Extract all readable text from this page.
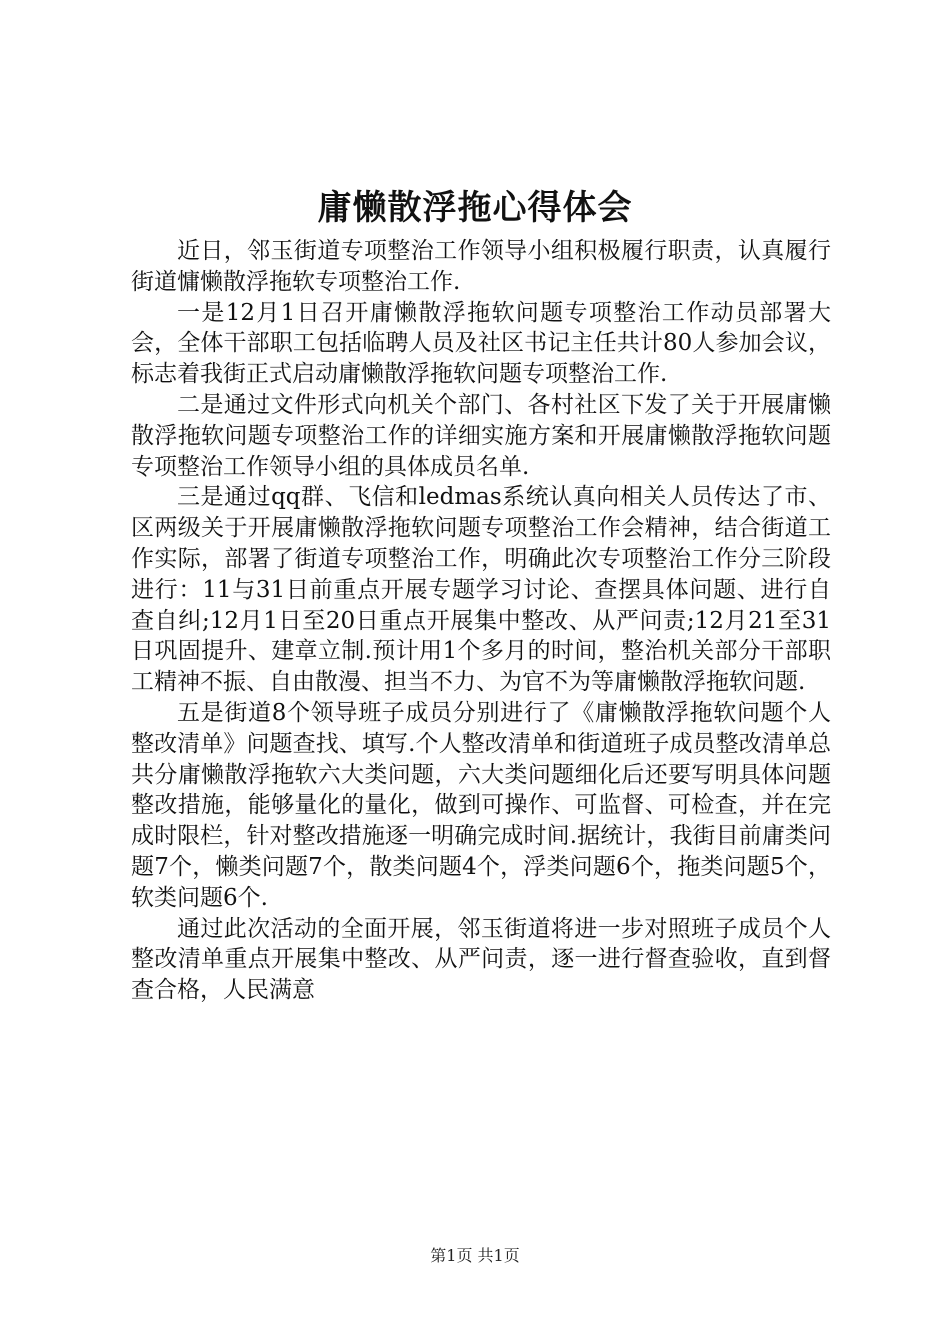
庸懒散浮拖心得体会

近日，邻玉街道专项整治工作领导小组积极履行职责，认真履行街道慵懒散浮拖软专项整治工作.

一是12月1日召开庸懒散浮拖软问题专项整治工作动员部署大会，全体干部职工包括临聘人员及社区书记主任共计80人参加会议，标志着我街正式启动庸懒散浮拖软问题专项整治工作.

二是通过文件形式向机关个部门、各村社区下发了关于开展庸懒散浮拖软问题专项整治工作的详细实施方案和开展庸懒散浮拖软问题专项整治工作领导小组的具体成员名单.

三是通过qq群、飞信和ledmas系统认真向相关人员传达了市、区两级关于开展庸懒散浮拖软问题专项整治工作会精神，结合街道工作实际，部署了街道专项整治工作，明确此次专项整治工作分三阶段进行：11与31日前重点开展专题学习讨论、查摆具体问题、进行自查自纠;12月1日至20日重点开展集中整改、从严问责;12月21至31日巩固提升、建章立制.预计用1个多月的时间，整治机关部分干部职工精神不振、自由散漫、担当不力、为官不为等庸懒散浮拖软问题.

五是街道8个领导班子成员分别进行了《庸懒散浮拖软问题个人整改清单》问题查找、填写.个人整改清单和街道班子成员整改清单总共分庸懒散浮拖软六大类问题，六大类问题细化后还要写明具体问题整改措施，能够量化的量化，做到可操作、可监督、可检查，并在完成时限栏，针对整改措施逐一明确完成时间.据统计，我街目前庸类问题7个，懒类问题7个，散类问题4个，浮类问题6个，拖类问题5个，软类问题6个.

通过此次活动的全面开展，邻玉街道将进一步对照班子成员个人整改清单重点开展集中整改、从严问责，逐一进行督查验收，直到督查合格，人民满意

第1页 共1页
